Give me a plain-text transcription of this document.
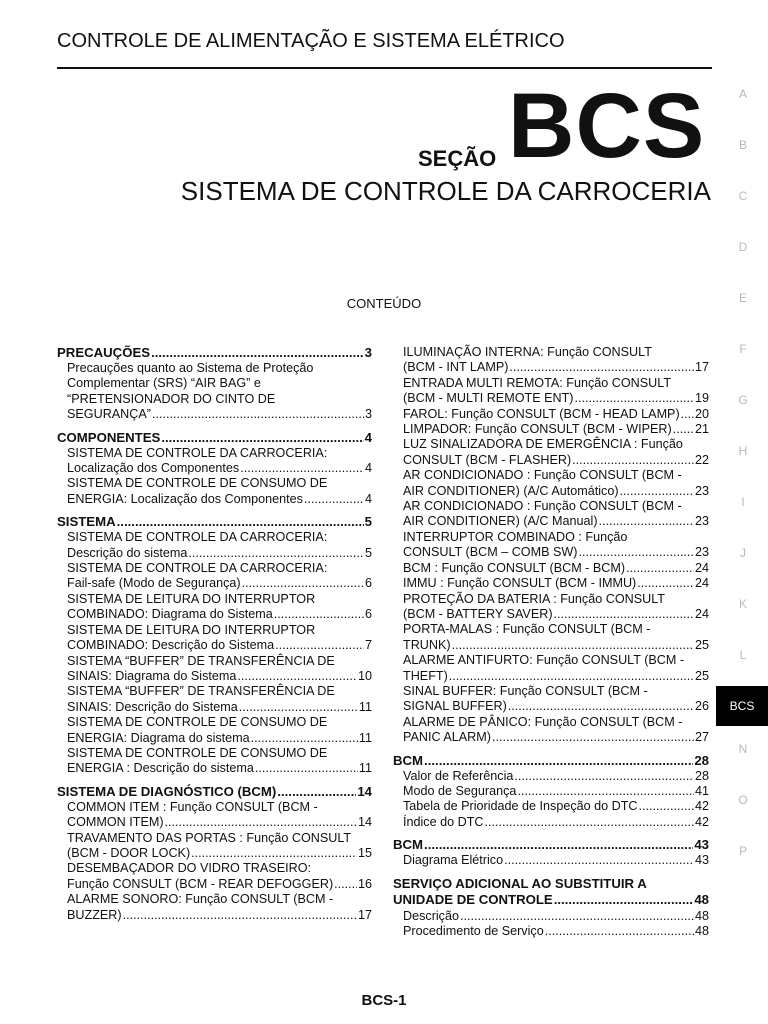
CONTROLE DE ALIMENTAÇÃO E SISTEMA ELÉTRICO
SEÇÃO BCS
SISTEMA DE CONTROLE DA CARROCERIA
CONTEÚDO
PRECAUÇÕES .....	3
Precauções quanto ao Sistema de Proteção
Complementar (SRS) “AIR BAG” e
“PRETENSIONADOR DO CINTO DE
SEGURANÇA” .....	3
COMPONENTES .....	4
SISTEMA DE CONTROLE DA CARROCERIA:
Localização dos Componentes .....	4
SISTEMA DE CONTROLE DE CONSUMO DE
ENERGIA: Localização dos Componentes .....	4
SISTEMA .....	5
SISTEMA DE CONTROLE DA CARROCERIA:
Descrição do sistema .....	5
SISTEMA DE CONTROLE DA CARROCERIA:
Fail-safe (Modo de Segurança) .....	6
SISTEMA DE LEITURA DO INTERRUPTOR
COMBINADO: Diagrama do Sistema .....	6
SISTEMA DE LEITURA DO INTERRUPTOR
COMBINADO: Descrição do Sistema .....	7
SISTEMA “BUFFER” DE TRANSFERÊNCIA DE
SINAIS: Diagrama do Sistema .....	10
SISTEMA “BUFFER” DE TRANSFERÊNCIA DE
SINAIS: Descrição do Sistema .....	11
SISTEMA DE CONTROLE DE CONSUMO DE
ENERGIA: Diagrama do sistema .....	11
SISTEMA DE CONTROLE DE CONSUMO DE
ENERGIA : Descrição do sistema .....	11
SISTEMA DE DIAGNÓSTICO (BCM) .....	14
COMMON ITEM : Função CONSULT (BCM -
COMMON ITEM) .....	14
TRAVAMENTO DAS PORTAS : Função CONSULT
(BCM - DOOR LOCK) .....	15
DESEMBAÇADOR DO VIDRO TRASEIRO:
Função CONSULT (BCM - REAR DEFOGGER) ..... 16
ALARME SONORO: Função CONSULT (BCM -
BUZZER) .....	17
ILUMINAÇÃO INTERNA: Função CONSULT
(BCM - INT LAMP) .....	17
ENTRADA MULTI REMOTA: Função CONSULT
(BCM - MULTI REMOTE ENT) .....	19
FAROL: Função CONSULT (BCM - HEAD LAMP) ..... 20
LIMPADOR: Função CONSULT (BCM - WIPER) ..... 21
LUZ SINALIZADORA DE EMERGÊNCIA : Função
CONSULT (BCM - FLASHER) .....	22
AR CONDICIONADO : Função CONSULT (BCM -
AIR CONDITIONER) (A/C Automático) .....	23
AR CONDICIONADO : Função CONSULT (BCM -
AIR CONDITIONER) (A/C Manual) .....	23
INTERRUPTOR COMBINADO : Função
CONSULT (BCM – COMB SW) .....	23
BCM : Função CONSULT (BCM - BCM) .....	24
IMMU : Função CONSULT (BCM - IMMU) .....	24
PROTEÇÃO DA BATERIA : Função CONSULT
(BCM - BATTERY SAVER) .....	24
PORTA-MALAS : Função CONSULT (BCM -
TRUNK) .....	25
ALARME ANTIFURTO: Função CONSULT (BCM -
THEFT) .....	25
SINAL BUFFER: Função CONSULT (BCM -
SIGNAL BUFFER) .....	26
ALARME DE PÂNICO: Função CONSULT (BCM -
PANIC ALARM) .....	27
BCM .....	28
Valor de Referência .....	28
Modo de Segurança .....	41
Tabela de Prioridade de Inspeção do DTC .....	42
Índice do DTC .....	42
BCM .....	43
Diagrama Elétrico .....	43
SERVIÇO ADICIONAL AO SUBSTITUIR A
UNIDADE DE CONTROLE .....	48
Descrição .....	48
Procedimento de Serviço .....	48
A
B
C
D
E
F
G
H
I
J
K
L
BCS
N
O
P
BCS-1
